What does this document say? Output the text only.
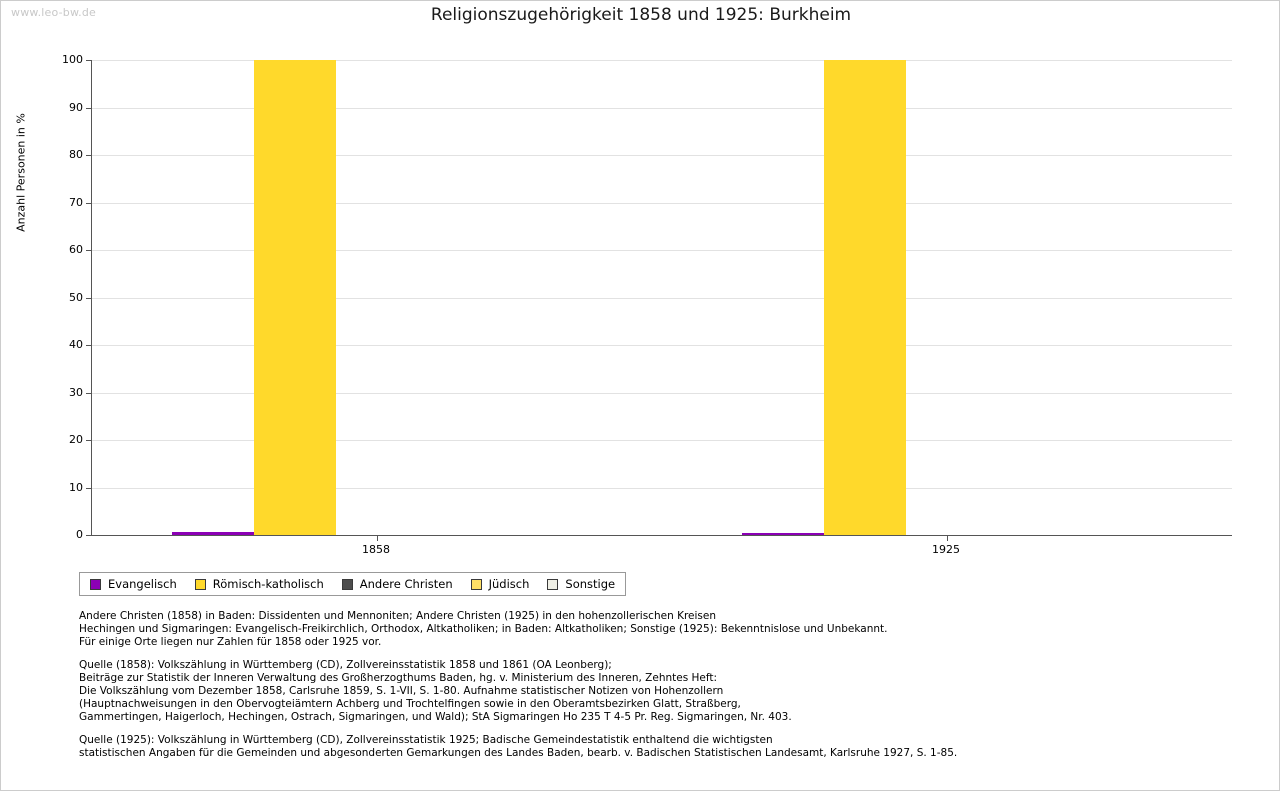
www.leo-bw.de	Religionszugehörigkeit 1858 und 1925: Burkheim
Anzahl Personen in %
Evangelisch	Römisch-katholisch	Andere Christen	Jüdisch	Sonstige

Andere Christen (1858) in Baden: Dissidenten und Mennoniten; Andere Christen (1925) in den hohenzollerischen Kreisen
Hechingen und Sigmaringen: Evangelisch-Freikirchlich, Orthodox, Altkatholiken; in Baden: Altkatholiken; Sonstige (1925): Bekenntnislose und Unbekannt.
Für einige Orte liegen nur Zahlen für 1858 oder 1925 vor.

Quelle (1858): Volkszählung in Württemberg (CD), Zollvereinsstatistik 1858 und 1861 (OA Leonberg);
Beiträge zur Statistik der Inneren Verwaltung des Großherzogthums Baden, hg. v. Ministerium des Inneren, Zehntes Heft:
Die Volkszählung vom Dezember 1858, Carlsruhe 1859, S. 1-VII, S. 1-80. Aufnahme statistischer Notizen von Hohenzollern
(Hauptnachweisungen in den Obervogteiämtern Achberg und Trochtelfingen sowie in den Oberamtsbezirken Glatt, Straßberg,
Gammertingen, Haigerloch, Hechingen, Ostrach, Sigmaringen, und Wald); StA Sigmaringen Ho 235 T 4-5 Pr. Reg. Sigmaringen, Nr. 403.

Quelle (1925): Volkszählung in Württemberg (CD), Zollvereinsstatistik 1925; Badische Gemeindestatistik enthaltend die wichtigsten
statistischen Angaben für die Gemeinden und abgesonderten Gemarkungen des Landes Baden, bearb. v. Badischen Statistischen Landesamt, Karlsruhe 1927, S. 1-85.

0
10
20
30
40
50
60
70
80
90
100
1858	1925
